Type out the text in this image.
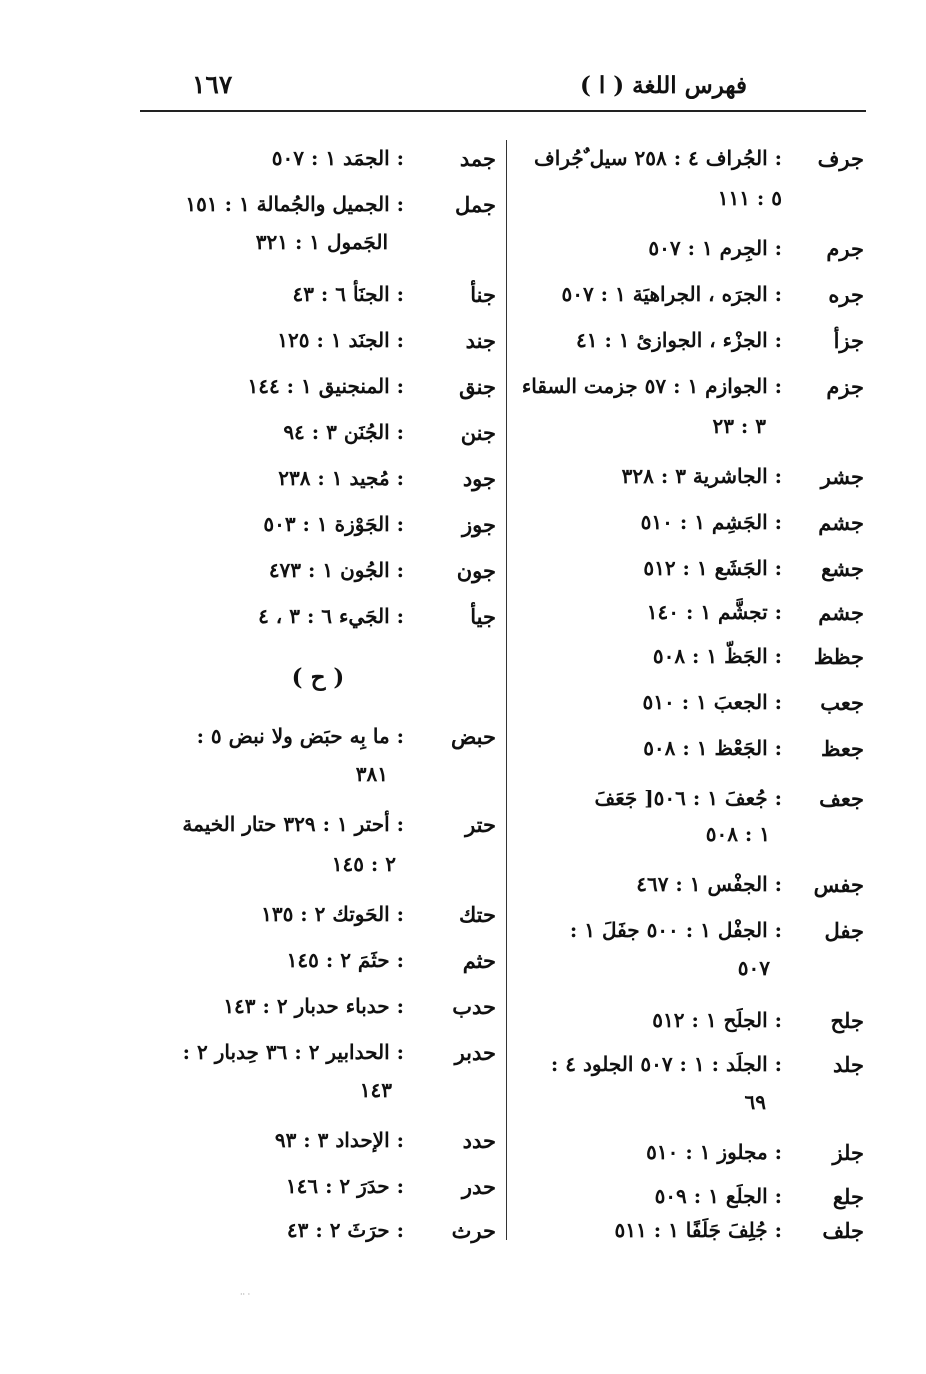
١٦٧	فهرس اللغة ( ا )
جرف
: الجُراف ٤ : ٢٥٨ سيل ٌجُراف
٥ : ١١١
جرم
: الجِرم ١ : ٥٠٧
جره
: الجرَه ، الجراهيَة ١ : ٥٠٧
جزأ
: الجزْء ، الجوازئ ١ : ٤١
جزم
: الجوازم ١ : ٥٧ جزمت السقاء
٣ : ٢٣
جشر
: الجاشرية ٣ : ٣٢٨
جشم
: الجَشِم ١ : ٥١٠
جشع
: الجَشَع ١ : ٥١٢
جشم
: تجشَّم ١ : ١٤٠
جظظ
: الجَظّ ١ : ٥٠٨
جعب
: الجعبَ ١ : ٥١٠
جعظ
: الجَعْظ ١ : ٥٠٨
جعف
: جُعفَ ١ : ٥٠٦[ جَعَفَ
١ : ٥٠٨
جفس
: الجفْس ١ : ٤٦٧
جفل
: الجفْل ١ : ٥٠٠ جفَلَ ١ :
٥٠٧
جلح
: الجلَح ١ : ٥١٢
جلد
: الجلَد : ١ : ٥٠٧ الجلود ٤ :
٦٩
جلز
: مجلوز ١ : ٥١٠
جلع
: الجلَع ١ : ٥٠٩
جلف
: جُلِفَ جَلَفًا ١ : ٥١١
جمد
: الجمَد ١ : ٥٠٧
جمل
: الجميل والجُمالة ١ : ١٥١
الجَمول ١ : ٣٢١
جنأ
: الجنَأ ٦ : ٤٣
جند
: الجنَد ١ : ١٢٥
جنق
: المنجنيق ١ : ١٤٤
جنن
: الجُنَن ٣ : ٩٤
جود
: مُجيد ١ : ٢٣٨
جوز
: الجَوْزة ١ : ٥٠٣
جون
: الجُون ١ : ٤٧٣
جيأ
: الجَيء ٦ : ٣ ، ٤
( ح )
حبض
: ما بِه حبَض ولا نبض ٥ :
٣٨١
حتر
: أحتر ١ : ٣٢٩ حتار الخيمة
٢ : ١٤٥
حتك
: الحَوتك ٢ : ١٣٥
حثم
: حثَمَ ٢ : ١٤٥
حدب
: حدباء حدبار ٢ : ١٤٣
حدبر
: الحدابير ٢ : ٣٦ حِدبار ٢ :
١٤٣
حدد
: الإحداد ٣ : ٩٣
حدر
: حدَرَ ٢ : ١٤٦
حرث
: حرَثَ ٢ : ٤٣
·· ·
